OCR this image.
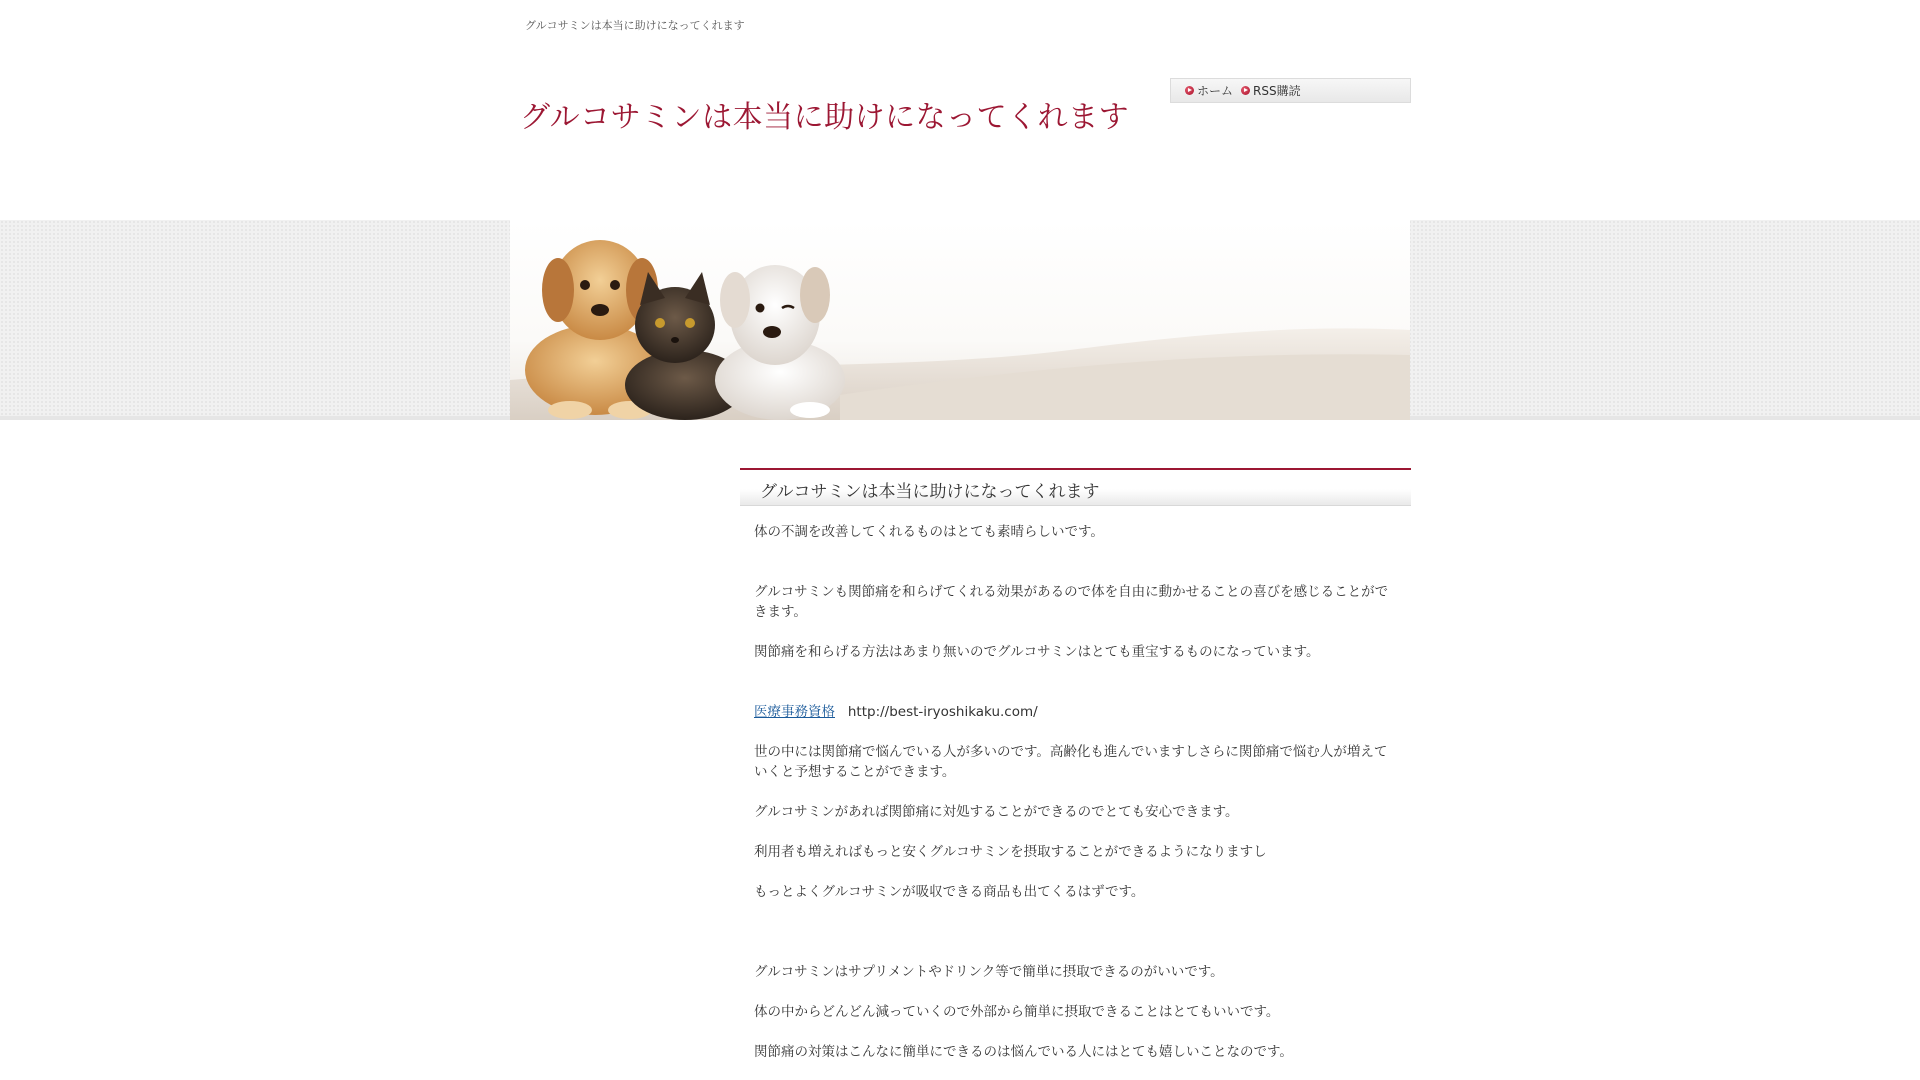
グルコサミンは本当に助けになってくれます
グルコサミンは本当に助けになってくれます
ホーム RSS購読
グルコサミンは本当に助けになってくれます

体の不調を改善してくれるものはとても素晴らしいです。

グルコサミンも関節痛を和らげてくれる効果があるので体を自由に動かせることの喜びを感じることができます。

関節痛を和らげる方法はあまり無いのでグルコサミンはとても重宝するものになっています。

医療事務資格 http://best-iryoshikaku.com/

世の中には関節痛で悩んでいる人が多いのです。高齢化も進んでいますしさらに関節痛で悩む人が増えていくと予想することができます。

グルコサミンがあれば関節痛に対処することができるのでとても安心できます。

利用者も増えればもっと安くグルコサミンを摂取することができるようになりますし

もっとよくグルコサミンが吸収できる商品も出てくるはずです。

グルコサミンはサプリメントやドリンク等で簡単に摂取できるのがいいです。

体の中からどんどん減っていくので外部から簡単に摂取できることはとてもいいです。

関節痛の対策はこんなに簡単にできるのは悩んでいる人にはとても嬉しいことなのです。
